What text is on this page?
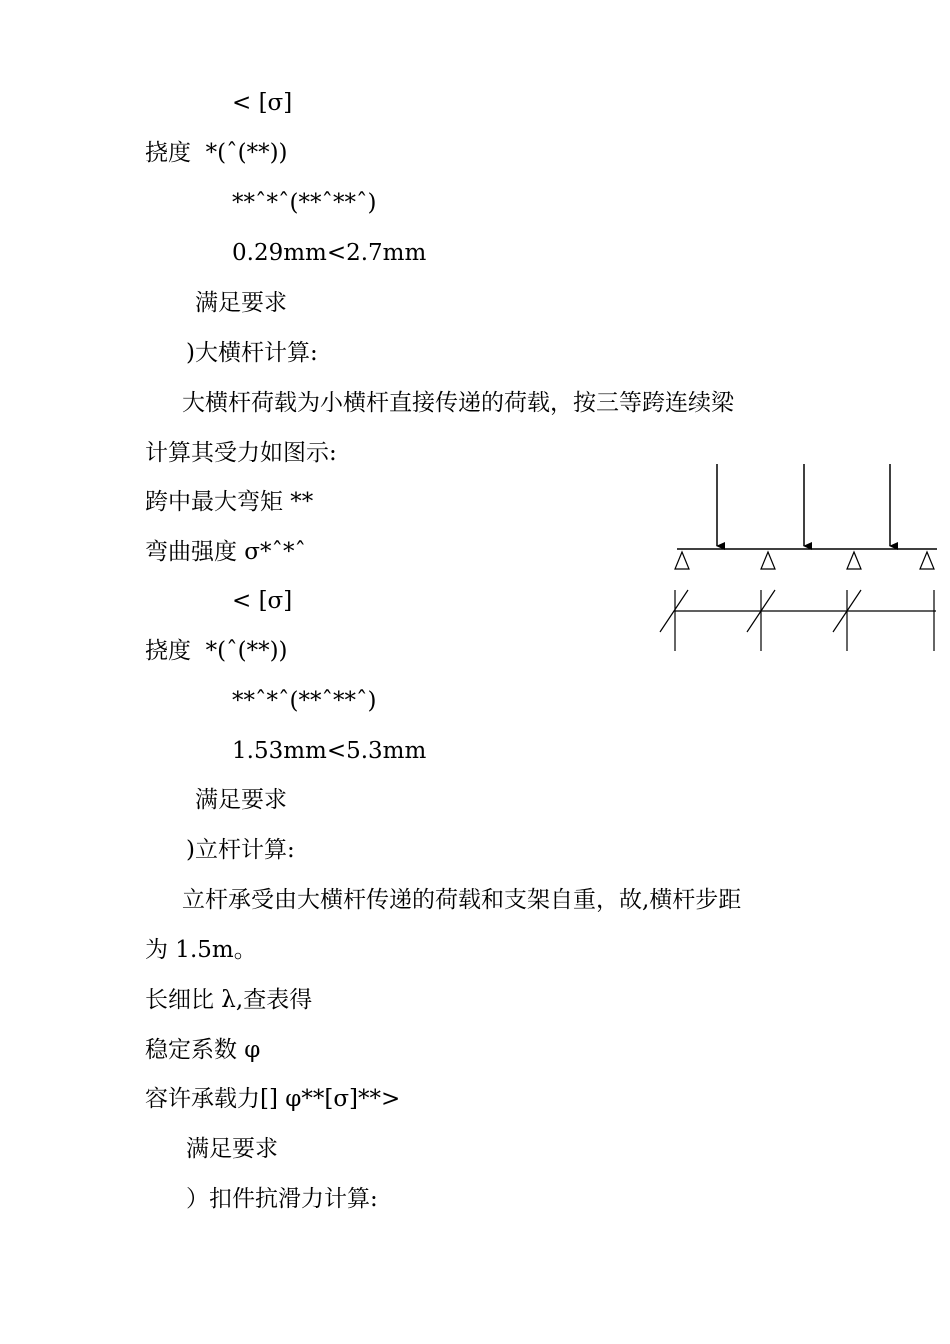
< [σ]

挠度  *(ˆ(**))

**ˆ*ˆ(**ˆ**ˆ)

0.29mm<2.7mm

满足要求

)大横杆计算:

大横杆荷载为小横杆直接传递的荷载，按三等跨连续梁

计算其受力如图示:

跨中最大弯矩 **

弯曲强度 σ*ˆ*ˆ

< [σ]

挠度  *(ˆ(**))

**ˆ*ˆ(**ˆ**ˆ)

1.53mm<5.3mm

满足要求

)立杆计算:

立杆承受由大横杆传递的荷载和支架自重，故,横杆步距

为 1.5m。

长细比 λ,查表得

稳定系数 φ

容许承载力[] φ**[σ]**>

满足要求

）扣件抗滑力计算:
